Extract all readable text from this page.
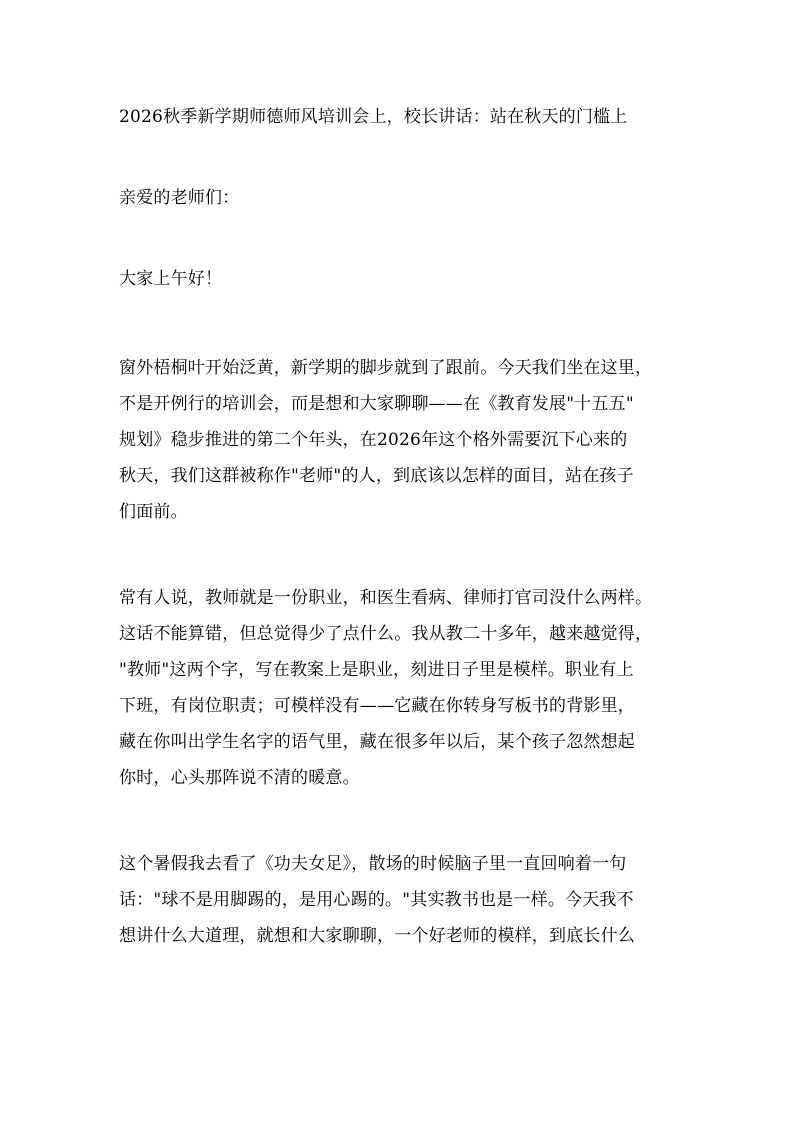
2026秋季新学期师德师风培训会上，校长讲话：站在秋天的门槛上
亲爱的老师们：
大家上午好！
窗外梧桐叶开始泛黄，新学期的脚步就到了跟前。今天我们坐在这里，
不是开例行的培训会，而是想和大家聊聊——在《教育发展"十五五"
规划》稳步推进的第二个年头，在2026年这个格外需要沉下心来的
秋天，我们这群被称作"老师"的人，到底该以怎样的面目，站在孩子
们面前。
常有人说，教师就是一份职业，和医生看病、律师打官司没什么两样。
这话不能算错，但总觉得少了点什么。我从教二十多年，越来越觉得，
"教师"这两个字，写在教案上是职业，刻进日子里是模样。职业有上
下班，有岗位职责；可模样没有——它藏在你转身写板书的背影里，
藏在你叫出学生名字的语气里，藏在很多年以后，某个孩子忽然想起
你时，心头那阵说不清的暖意。
这个暑假我去看了《功夫女足》，散场的时候脑子里一直回响着一句
话："球不是用脚踢的，是用心踢的。"其实教书也是一样。今天我不
想讲什么大道理，就想和大家聊聊，一个好老师的模样，到底长什么
